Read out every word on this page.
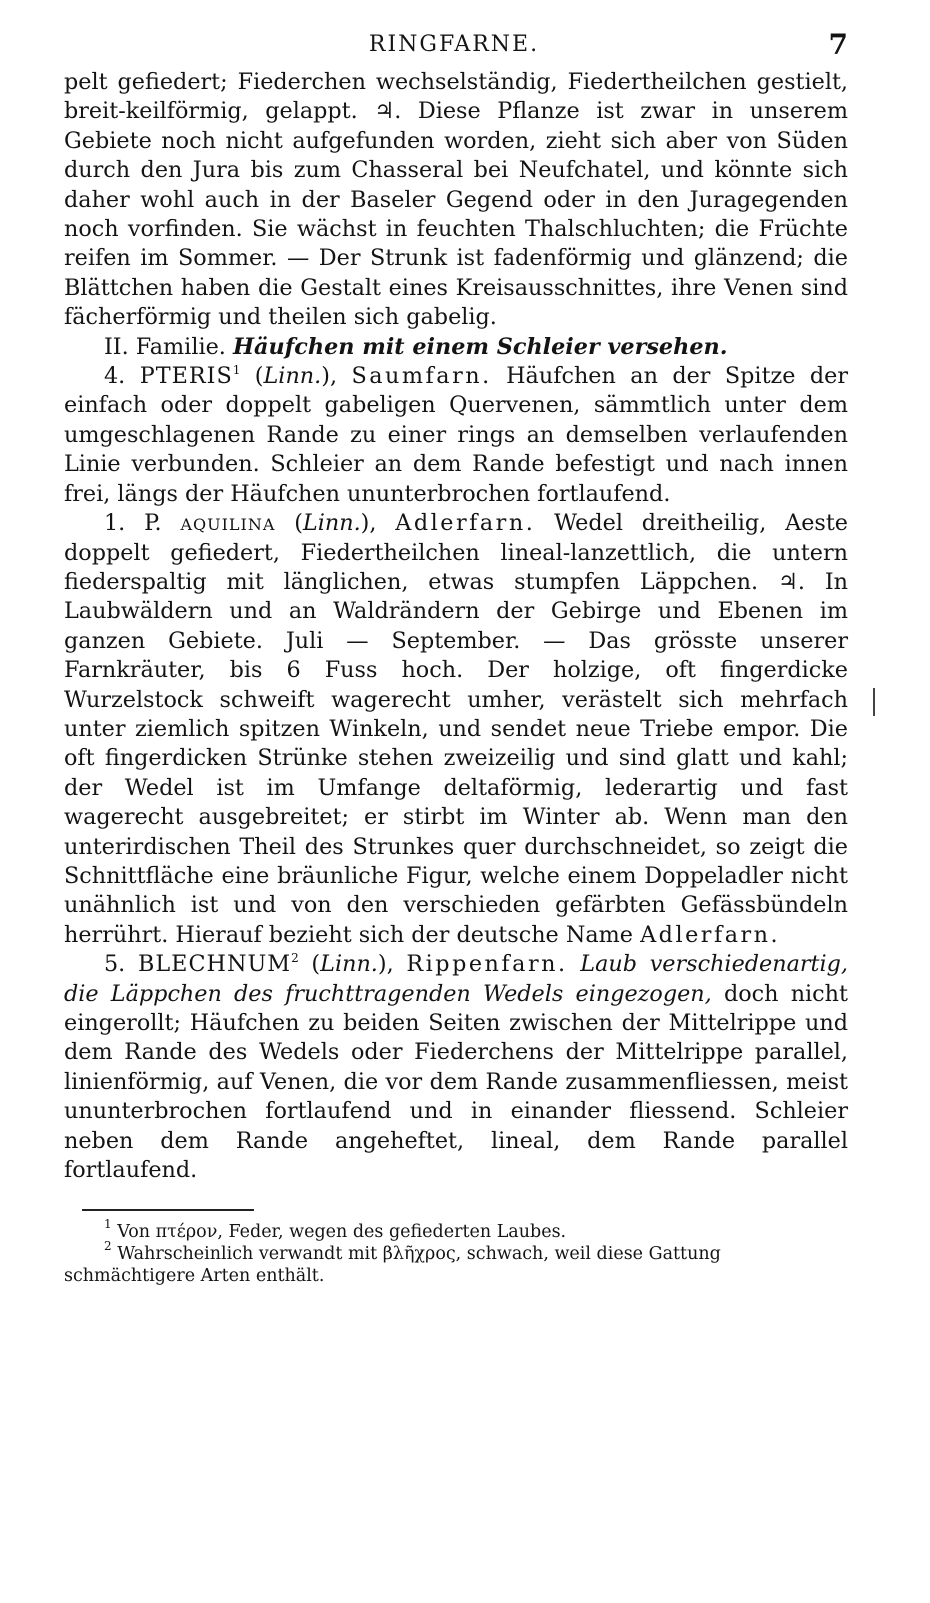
RINGFARNE.	7

pelt gefiedert; Fiederchen wechselständig, Fiedertheilchen gestielt, breit-keilförmig, gelappt. ♃. Diese Pflanze ist zwar in unserem Gebiete noch nicht aufgefunden worden, zieht sich aber von Süden durch den Jura bis zum Chasseral bei Neufchatel, und könnte sich daher wohl auch in der Baseler Gegend oder in den Juragegenden noch vorfinden. Sie wächst in feuchten Thalschluchten; die Früchte reifen im Sommer. — Der Strunk ist fadenförmig und glänzend; die Blättchen haben die Gestalt eines Kreisausschnittes, ihre Venen sind fächerförmig und theilen sich gabelig.

II. Familie. Häufchen mit einem Schleier versehen.

4. PTERIS$^1$ (Linn.), Saumfarn. Häufchen an der Spitze der einfach oder doppelt gabeligen Quervenen, sämmtlich unter dem umgeschlagenen Rande zu einer rings an demselben verlaufenden Linie verbunden. Schleier an dem Rande befestigt und nach innen frei, längs der Häufchen ununterbrochen fortlaufend.

1. P. aquilina (Linn.), Adlerfarn. Wedel dreitheilig, Aeste doppelt gefiedert, Fiedertheilchen lineal-lanzettlich, die untern fiederspaltig mit länglichen, etwas stumpfen Läppchen. ♃. In Laubwäldern und an Waldrändern der Gebirge und Ebenen im ganzen Gebiete. Juli — September. — Das grösste unserer Farnkräuter, bis 6 Fuss hoch. Der holzige, oft fingerdicke Wurzelstock schweift wagerecht umher, verästelt sich mehrfach unter ziemlich spitzen Winkeln, und sendet neue Triebe empor. Die oft fingerdicken Strünke stehen zweizeilig und sind glatt und kahl; der Wedel ist im Umfange deltaförmig, lederartig und fast wagerecht ausgebreitet; er stirbt im Winter ab. Wenn man den unterirdischen Theil des Strunkes quer durchschneidet, so zeigt die Schnittfläche eine bräunliche Figur, welche einem Doppeladler nicht unähnlich ist und von den verschieden gefärbten Gefässbündeln herrührt. Hierauf bezieht sich der deutsche Name Adlerfarn.

5. BLECHNUM$^2$ (Linn.), Rippenfarn. Laub verschiedenartig, die Läppchen des fruchttragenden Wedels eingezogen, doch nicht eingerollt; Häufchen zu beiden Seiten zwischen der Mittelrippe und dem Rande des Wedels oder Fiederchens der Mittelrippe parallel, linienförmig, auf Venen, die vor dem Rande zusammenfliessen, meist ununterbrochen fortlaufend und in einander fliessend. Schleier neben dem Rande angeheftet, lineal, dem Rande parallel fortlaufend.

$^1$ Von πτέρον, Feder, wegen des gefiederten Laubes.

$^2$ Wahrscheinlich verwandt mit βλῆχρος, schwach, weil diese Gattung schmächtigere Arten enthält.
